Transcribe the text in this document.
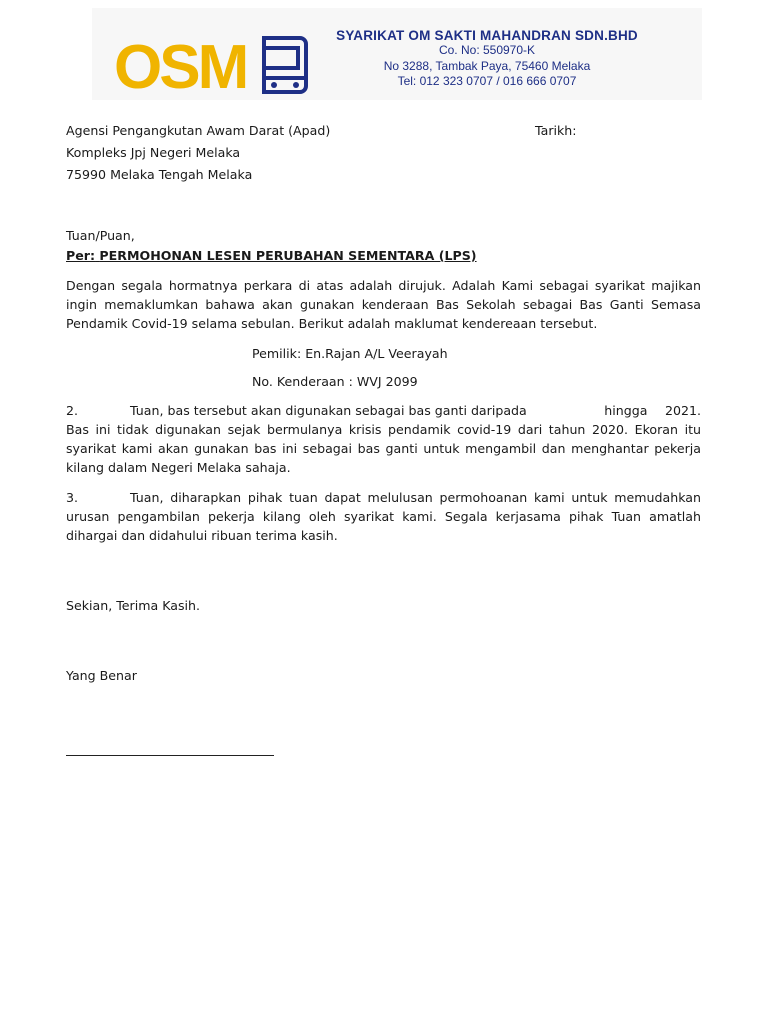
OSM	SYARIKAT OM SAKTI MAHANDRAN SDN.BHD
Co. No: 550970-K
No 3288, Tambak Paya, 75460 Melaka
Tel: 012 323 0707 / 016 666 0707
Agensi Pengangkutan Awam Darat (Apad)	Tarikh:
Kompleks Jpj Negeri Melaka
75990 Melaka Tengah Melaka
Tuan/Puan,
Per: PERMOHONAN LESEN PERUBAHAN SEMENTARA (LPS)
Dengan segala hormatnya perkara di atas adalah dirujuk. Adalah Kami sebagai syarikat majikan ingin memaklumkan bahawa akan gunakan kenderaan Bas Sekolah sebagai Bas Ganti Semasa Pendamik Covid-19 selama sebulan. Berikut adalah maklumat kendereaan tersebut.
Pemilik: En.Rajan A/L Veerayah
No. Kenderaan : WVJ 2099
2.	Tuan, bas tersebut akan digunakan sebagai bas ganti daripada	hingga 2021.
Bas ini tidak digunakan sejak bermulanya krisis pendamik covid-19 dari tahun 2020. Ekoran itu syarikat kami akan gunakan bas ini sebagai bas ganti untuk mengambil dan menghantar pekerja kilang dalam Negeri Melaka sahaja.
3.	Tuan, diharapkan pihak tuan dapat melulusan permohoanan kami untuk memudahkan urusan pengambilan pekerja kilang oleh syarikat kami. Segala kerjasama pihak Tuan amatlah dihargai dan didahului ribuan terima kasih.
Sekian, Terima Kasih.
Yang Benar
